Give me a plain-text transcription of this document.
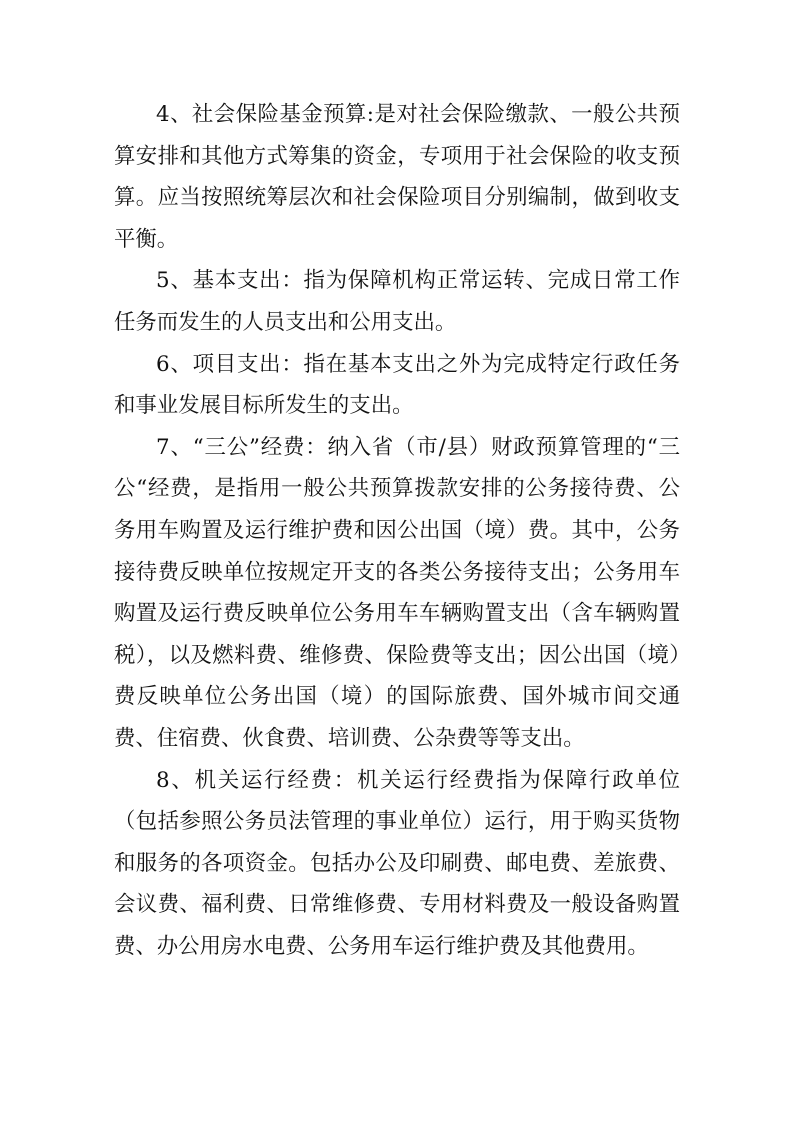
4、社会保险基金预算:是对社会保险缴款、一般公共预算安排和其他方式筹集的资金，专项用于社会保险的收支预算。应当按照统筹层次和社会保险项目分别编制，做到收支平衡。

5、基本支出：指为保障机构正常运转、完成日常工作任务而发生的人员支出和公用支出。

6、项目支出：指在基本支出之外为完成特定行政任务和事业发展目标所发生的支出。

7、“三公”经费：纳入省（市/县）财政预算管理的“三公“经费，是指用一般公共预算拨款安排的公务接待费、公务用车购置及运行维护费和因公出国（境）费。其中，公务接待费反映单位按规定开支的各类公务接待支出；公务用车购置及运行费反映单位公务用车车辆购置支出（含车辆购置税），以及燃料费、维修费、保险费等支出；因公出国（境）费反映单位公务出国（境）的国际旅费、国外城市间交通费、住宿费、伙食费、培训费、公杂费等等支出。

8、机关运行经费：机关运行经费指为保障行政单位（包括参照公务员法管理的事业单位）运行，用于购买货物和服务的各项资金。包括办公及印刷费、邮电费、差旅费、会议费、福利费、日常维修费、专用材料费及一般设备购置费、办公用房水电费、公务用车运行维护费及其他费用。
